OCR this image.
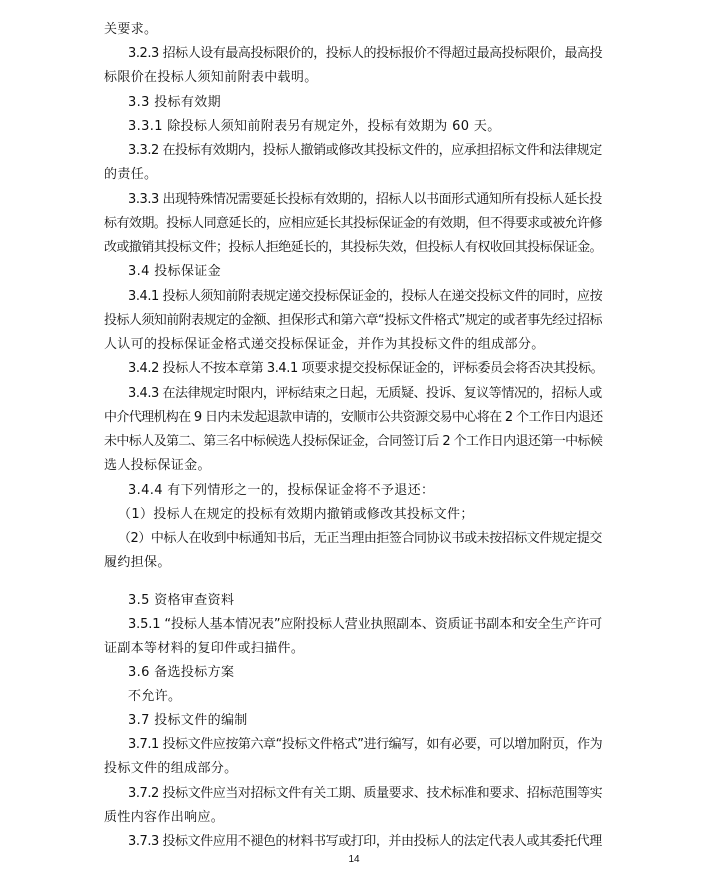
关要求。
3.2.3 招标人设有最高投标限价的，投标人的投标报价不得超过最高投标限价，最高投
标限价在投标人须知前附表中载明。
3.3 投标有效期
3.3.1 除投标人须知前附表另有规定外，投标有效期为 60 天。
3.3.2 在投标有效期内，投标人撤销或修改其投标文件的，应承担招标文件和法律规定
的责任。
3.3.3 出现特殊情况需要延长投标有效期的，招标人以书面形式通知所有投标人延长投
标有效期。投标人同意延长的，应相应延长其投标保证金的有效期，但不得要求或被允许修
改或撤销其投标文件；投标人拒绝延长的，其投标失效，但投标人有权收回其投标保证金。
3.4 投标保证金
3.4.1 投标人须知前附表规定递交投标保证金的，投标人在递交投标文件的同时，应按
投标人须知前附表规定的金额、担保形式和第六章“投标文件格式”规定的或者事先经过招标
人认可的投标保证金格式递交投标保证金，并作为其投标文件的组成部分。
3.4.2 投标人不按本章第 3.4.1 项要求提交投标保证金的，评标委员会将否决其投标。
3.4.3 在法律规定时限内，评标结束之日起，无质疑、投诉、复议等情况的，招标人或
中介代理机构在 9 日内未发起退款申请的，安顺市公共资源交易中心将在 2 个工作日内退还
未中标人及第二、第三名中标候选人投标保证金，合同签订后 2 个工作日内退还第一中标候
选人投标保证金。
3.4.4 有下列情形之一的，投标保证金将不予退还：
（1）投标人在规定的投标有效期内撤销或修改其投标文件；
（2）中标人在收到中标通知书后，无正当理由拒签合同协议书或未按招标文件规定提交
履约担保。
3.5 资格审查资料
3.5.1 “投标人基本情况表”应附投标人营业执照副本、资质证书副本和安全生产许可
证副本等材料的复印件或扫描件。
3.6 备选投标方案
不允许。
3.7 投标文件的编制
3.7.1 投标文件应按第六章“投标文件格式”进行编写，如有必要，可以增加附页，作为
投标文件的组成部分。
3.7.2 投标文件应当对招标文件有关工期、质量要求、技术标准和要求、招标范围等实
质性内容作出响应。
3.7.3 投标文件应用不褪色的材料书写或打印，并由投标人的法定代表人或其委托代理
14
